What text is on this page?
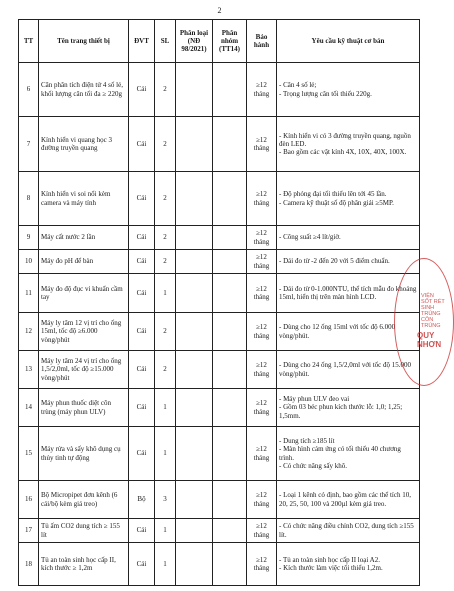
2
TT	Tên trang thiết bị	ĐVT	SL	Phân loại (NĐ 98/2021)	Phân nhóm (TT14)	Bảo hành	Yêu cầu kỹ thuật cơ bản
6	Cân phân tích điện tử 4 số lẻ, khối lượng cân tối đa ≥ 220g	Cái	2			≥12 tháng	- Cân 4 số lẻ;
- Trọng lượng cân tối thiểu 220g.

7	Kính hiển vi quang học 3 đường truyền quang	Cái	2			≥12 tháng	- Kính hiển vi có 3 đường truyền quang, nguồn đèn LED.
- Bao gồm các vật kính 4X, 10X, 40X, 100X.

8	Kính hiển vi soi nổi kèm camera và máy tính	Cái	2			≥12 tháng	- Độ phóng đại tối thiểu lên tới 45 lần.
- Camera kỹ thuật số độ phân giải ≥5MP.

9	Máy cất nước 2 lần	Cái	2			≥12 tháng	- Công suất ≥4 lít/giờ.

10	Máy đo pH để bàn	Cái	2			≥12 tháng	- Dải đo từ -2 đến 20 với 5 điểm chuẩn.

11	Máy đo độ đục vi khuẩn cầm tay	Cái	1			≥12 tháng	- Dải đo từ 0-1.000NTU, thể tích mẫu đo khoảng 15ml, hiển thị trên màn hình LCD.

12	Máy ly tâm 12 vị trí cho ống 15ml, tốc độ ≥6.000 vòng/phút	Cái	2			≥12 tháng	- Dùng cho 12 ống 15ml với tốc độ 6.000 vòng/phút.

13	Máy ly tâm 24 vị trí cho ống 1,5/2,0ml, tốc độ ≥15.000 vòng/phút	Cái	2			≥12 tháng	- Dùng cho 24 ống 1,5/2,0ml với tốc độ 15.000 vòng/phút.

14	Máy phun thuốc diệt côn trùng (máy phun ULV)	Cái	1			≥12 tháng	- Máy phun ULV đeo vai
- Gồm 03 béc phun kích thước lỗ: 1,0; 1,25; 1,5mm.

15	Máy rửa và sấy khô dụng cụ thủy tinh tự động	Cái	1			≥12 tháng	- Dung tích ≥185 lít
- Màn hình cảm ứng có tối thiểu 40 chương trình.
- Có chức năng sấy khô.

16	Bộ Micropipet đơn kênh (6 cái/bộ kèm giá treo)	Bộ	3			≥12 tháng	- Loại 1 kênh có định, bao gồm các thể tích 10, 20, 25, 50, 100 và 200µl kèm giá treo.

17	Tủ ấm CO2 dung tích ≥ 155 lít	Cái	1			≥12 tháng	- Có chức năng điều chỉnh CO2, dung tích ≥155 lít.

18	Tủ an toàn sinh học cấp II, kích thước ≥ 1,2m	Cái	1			≥12 tháng	- Tủ an toàn sinh học cấp II loại A2.
- Kích thước làm việc tối thiểu 1,2m.
VIỆN
SỐT RÉT
SINH TRÙNG
CÔN TRÙNG
QUY NHƠN
